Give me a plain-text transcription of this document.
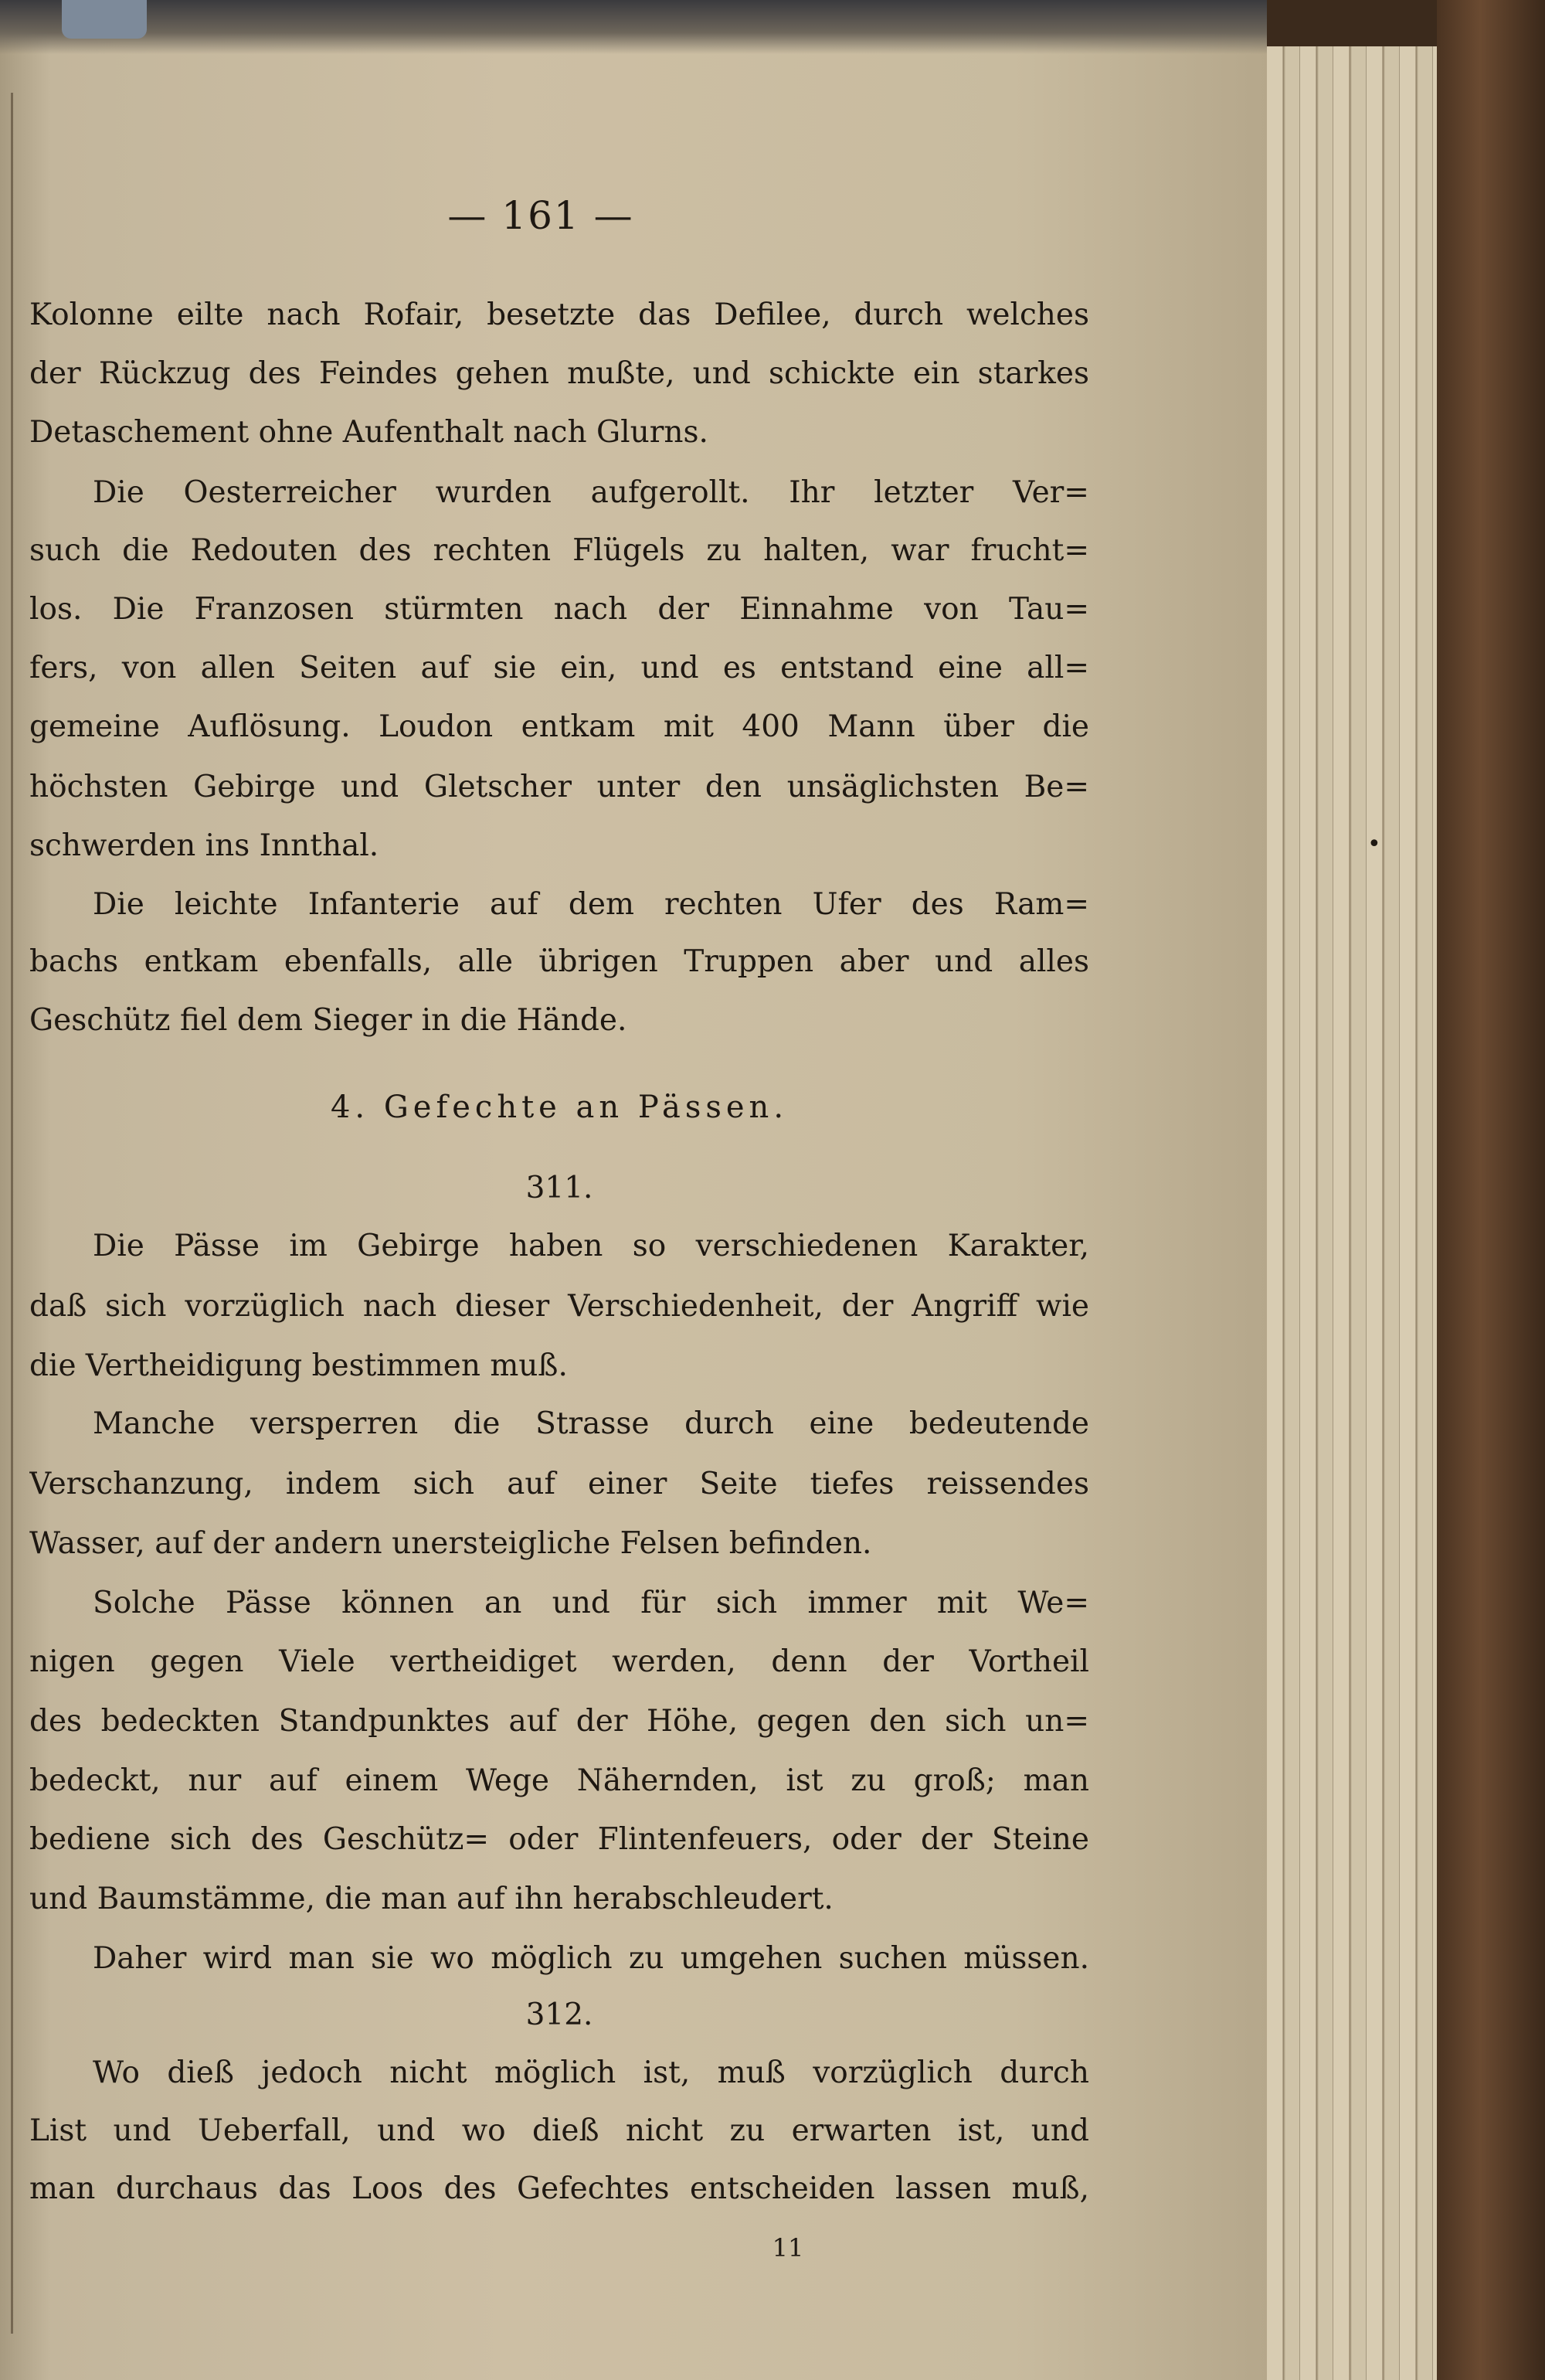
— 161 —
Kolonne eilte nach Rofair, besetzte das Defilee, durch welches
der Rückzug des Feindes gehen mußte, und schickte ein starkes
Detaschement ohne Aufenthalt nach Glurns.
Die Oesterreicher wurden aufgerollt. Ihr letzter Ver=
such die Redouten des rechten Flügels zu halten, war frucht=
los. Die Franzosen stürmten nach der Einnahme von Tau=
fers, von allen Seiten auf sie ein, und es entstand eine all=
gemeine Auflösung. Loudon entkam mit 400 Mann über die
höchsten Gebirge und Gletscher unter den unsäglichsten Be=
schwerden ins Innthal.
Die leichte Infanterie auf dem rechten Ufer des Ram=
bachs entkam ebenfalls, alle übrigen Truppen aber und alles
Geschütz fiel dem Sieger in die Hände.
4. Gefechte an Pässen.
311.
Die Pässe im Gebirge haben so verschiedenen Karakter,
daß sich vorzüglich nach dieser Verschiedenheit, der Angriff wie
die Vertheidigung bestimmen muß.
Manche versperren die Strasse durch eine bedeutende
Verschanzung, indem sich auf einer Seite tiefes reissendes
Wasser, auf der andern unersteigliche Felsen befinden.
Solche Pässe können an und für sich immer mit We=
nigen gegen Viele vertheidiget werden, denn der Vortheil
des bedeckten Standpunktes auf der Höhe, gegen den sich un=
bedeckt, nur auf einem Wege Nähernden, ist zu groß; man
bediene sich des Geschütz= oder Flintenfeuers, oder der Steine
und Baumstämme, die man auf ihn herabschleudert.
Daher wird man sie wo möglich zu umgehen suchen müssen.
312.
Wo dieß jedoch nicht möglich ist, muß vorzüglich durch
List und Ueberfall, und wo dieß nicht zu erwarten ist, und
man durchaus das Loos des Gefechtes entscheiden lassen muß,
11
•
